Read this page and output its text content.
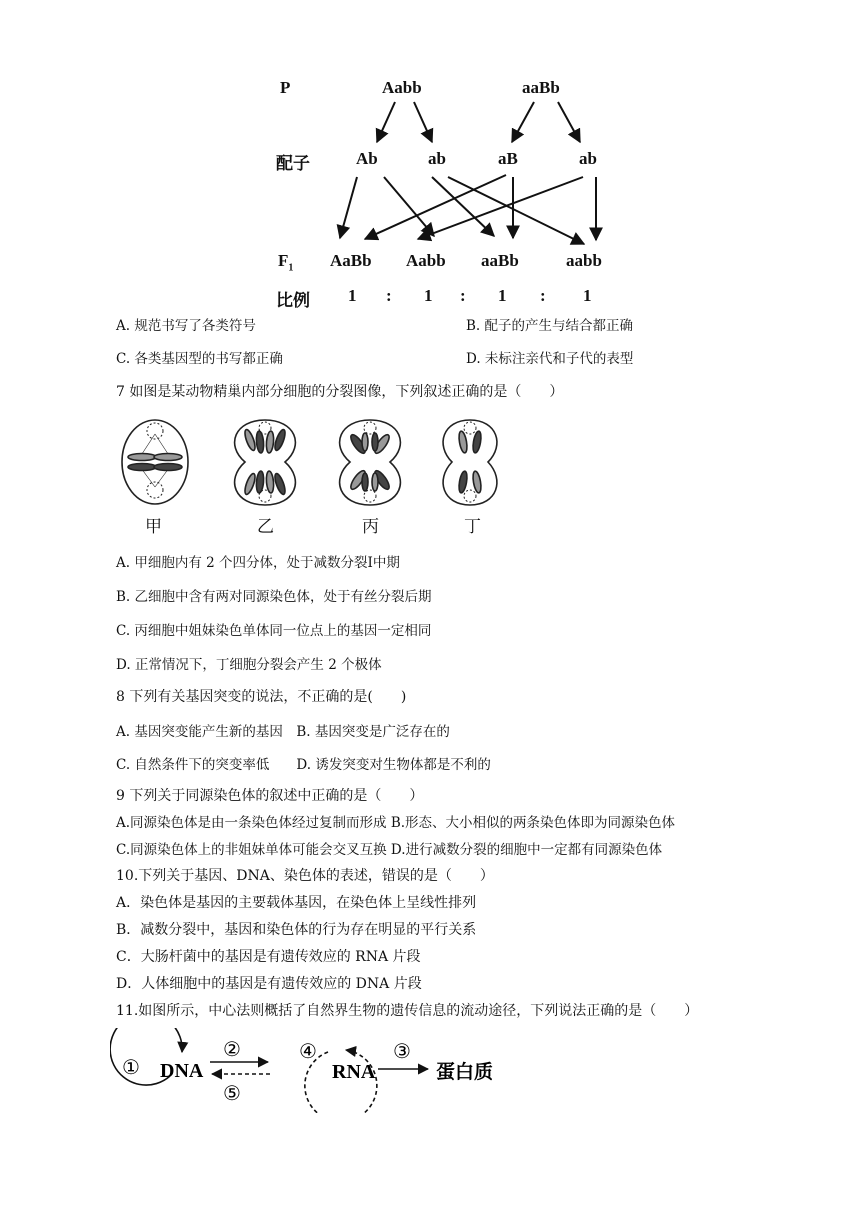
P	Aabb	aaBb
配子	Ab	ab	aB	ab
$F_1$ AaBb Aabb aaBb	aabb
比例 1 : 1 : 1 : 1
A. 规范书写了各类符号	B. 配子的产生与结合都正确
C. 各类基因型的书写都正确	D. 未标注亲代和子代的表型
7 如图是某动物精巢内部分细胞的分裂图像，下列叙述正确的是（　　）
甲	乙	丙	丁
A. 甲细胞内有 2 个四分体，处于减数分裂Ⅰ中期
B. 乙细胞中含有两对同源染色体，处于有丝分裂后期
C. 丙细胞中姐妹染色单体同一位点上的基因一定相同
D. 正常情况下，丁细胞分裂会产生 2 个极体
8 下列有关基因突变的说法，不正确的是(　　)
A. 基因突变能产生新的基因　B. 基因突变是广泛存在的
C. 自然条件下的突变率低　　D. 诱发突变对生物体都是不利的
9 下列关于同源染色体的叙述中正确的是（　　）
A.同源染色体是由一条染色体经过复制而形成 B.形态、大小相似的两条染色体即为同源染色体
C.同源染色体上的非姐妹单体可能会交叉互换 D.进行减数分裂的细胞中一定都有同源染色体
10.下列关于基因、DNA、染色体的表述，错误的是（　　）
A．染色体是基因的主要载体基因，在染色体上呈线性排列
B．减数分裂中，基因和染色体的行为存在明显的平行关系
C．大肠杆菌中的基因是有遗传效应的 RNA 片段
D．人体细胞中的基因是有遗传效应的 DNA 片段
11.如图所示，中心法则概括了自然界生物的遗传信息的流动途径，下列说法正确的是（　　）
① DNA
②
⑤
④
RNA
③
蛋白质
